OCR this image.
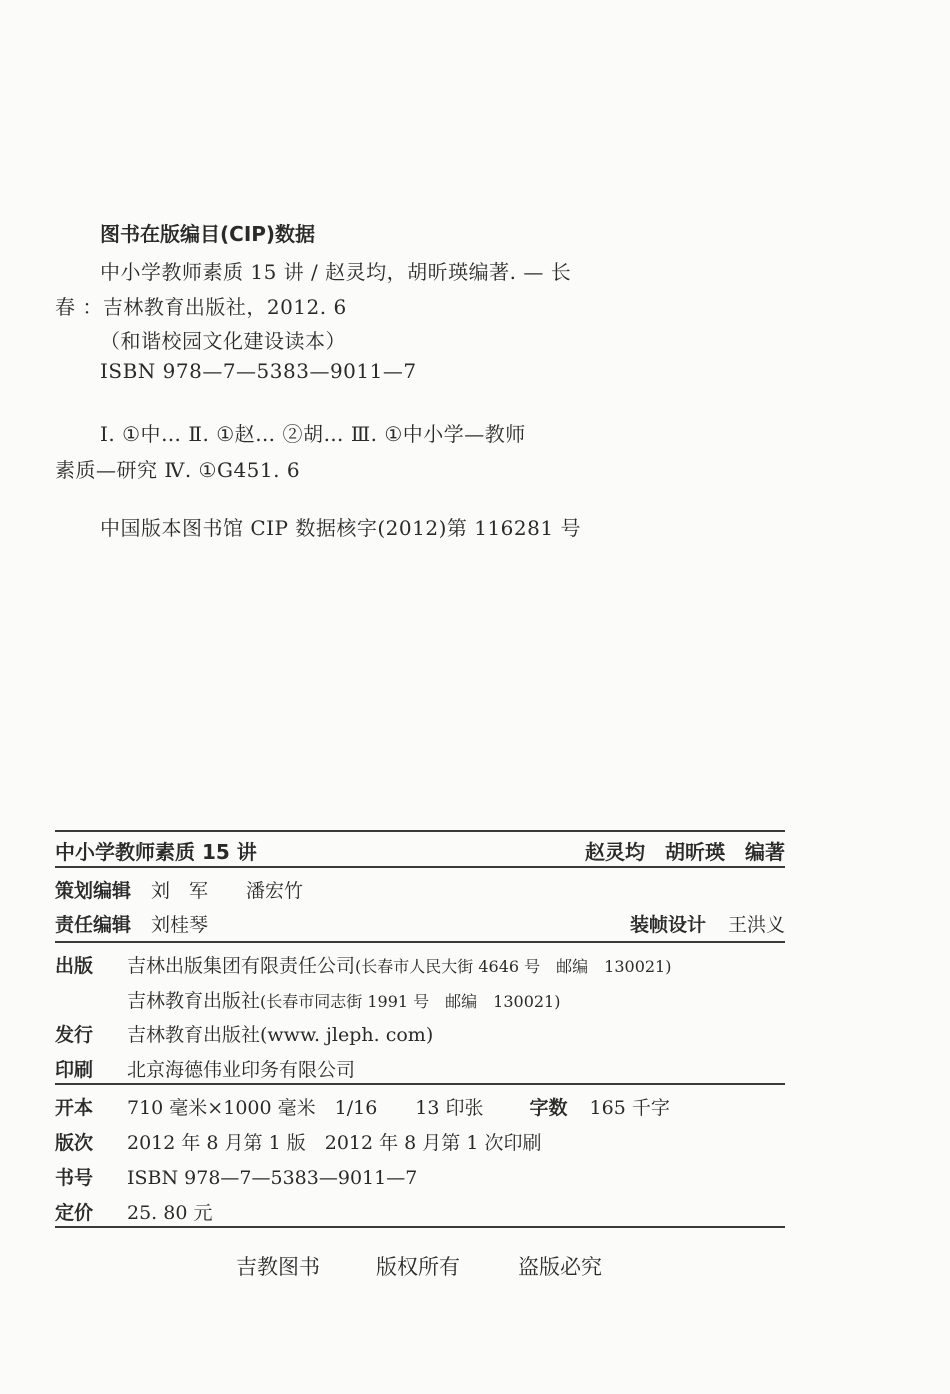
图书在版编目(CIP)数据
中小学教师素质 15 讲 / 赵灵均，胡昕瑛编著. — 长
春 ：吉林教育出版社，2012. 6
（和谐校园文化建设读本）
ISBN 978—7—5383—9011—7
Ⅰ. ①中… Ⅱ. ①赵… ②胡… Ⅲ. ①中小学—教师
素质—研究 Ⅳ. ①G451. 6
中国版本图书馆 CIP 数据核字(2012)第 116281 号
中小学教师素质 15 讲	赵灵均　胡昕瑛　编著
策划编辑 刘　军　　潘宏竹
责任编辑 刘桂琴	装帧设计 王洪义
出版	吉林出版集团有限责任公司 (长春市人民大街 4646 号　邮编　130021)
吉林教育出版社 (长春市同志街 1991 号　邮编　130021)
发行	吉林教育出版社(www. jleph. com)
印刷	北京海德伟业印务有限公司
开本	710 毫米×1000 毫米　1/16　　13 印张 字数 165 千字
版次	2012 年 8 月第 1 版　2012 年 8 月第 1 次印刷
书号	ISBN 978—7—5383—9011—7
定价	25. 80 元
吉教图书	版权所有	盗版必究
